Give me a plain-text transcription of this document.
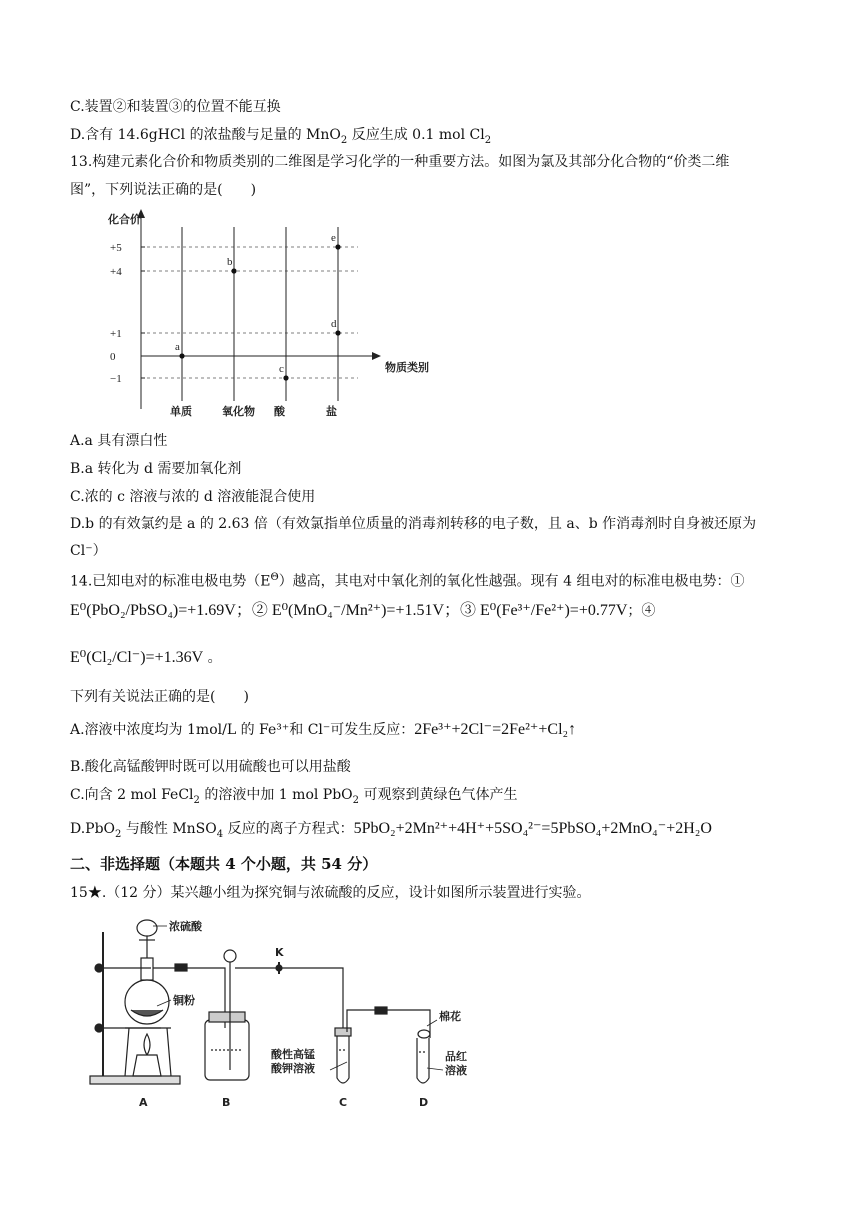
C.装置②和装置③的位置不能互换
D.含有 14.6gHCl 的浓盐酸与足量的 MnO$_2$ 反应生成 0.1 mol $Cl_2$
13.构建元素化合价和物质类别的二维图是学习化学的一种重要方法。如图为氯及其部分化合物的“价类二维
图”，下列说法正确的是(　　)
化合价
物质类别
+5
+4
+1
0
−1
单质	氧化物 酸	盐
a
b
c
d
e
A.a 具有漂白性
B.a 转化为 d 需要加氧化剂
C.浓的 c 溶液与浓的 d 溶液能混合使用
D.b 的有效氯约是 a 的 2.63 倍（有效氯指单位质量的消毒剂转移的电子数，且 a、b 作消毒剂时自身被还原为
Cl⁻）
14.已知电对的标准电极电势$(E^\Theta)$越高，其电对中氧化剂的氧化性越强。现有 4 组电对的标准电极电势：①
E⁰(PbO₂/PbSO₄)=+1.69V；② E⁰(MnO₄⁻/Mn²⁺)=+1.51V；③ E⁰(Fe³⁺/Fe²⁺)=+0.77V；④
E⁰(Cl₂/Cl⁻)=+1.36V 。
下列有关说法正确的是(　　)
A.溶液中浓度均为 1mol/L 的 Fe³⁺和 Cl⁻可发生反应：2Fe³⁺+2Cl⁻=2Fe²⁺+Cl₂↑
B.酸化高锰酸钾时既可以用硫酸也可以用盐酸
C.向含 2 mol FeCl$_2$ 的溶液中加 1 mol PbO$_2$ 可观察到黄绿色气体产生
D.PbO$_2$ 与酸性 MnSO$_4$ 反应的离子方程式：5PbO₂+2Mn²⁺+4H⁺+5SO₄²⁻=5PbSO₄+2MnO₄⁻+2H₂O
二、非选择题（本题共 4 个小题，共 54 分）
15★.（12 分）某兴趣小组为探究铜与浓硫酸的反应，设计如图所示装置进行实验。
浓硫酸
铜粉
K
棉花
酸性高锰
酸钾溶液
品红
溶液
A	B	C	D
